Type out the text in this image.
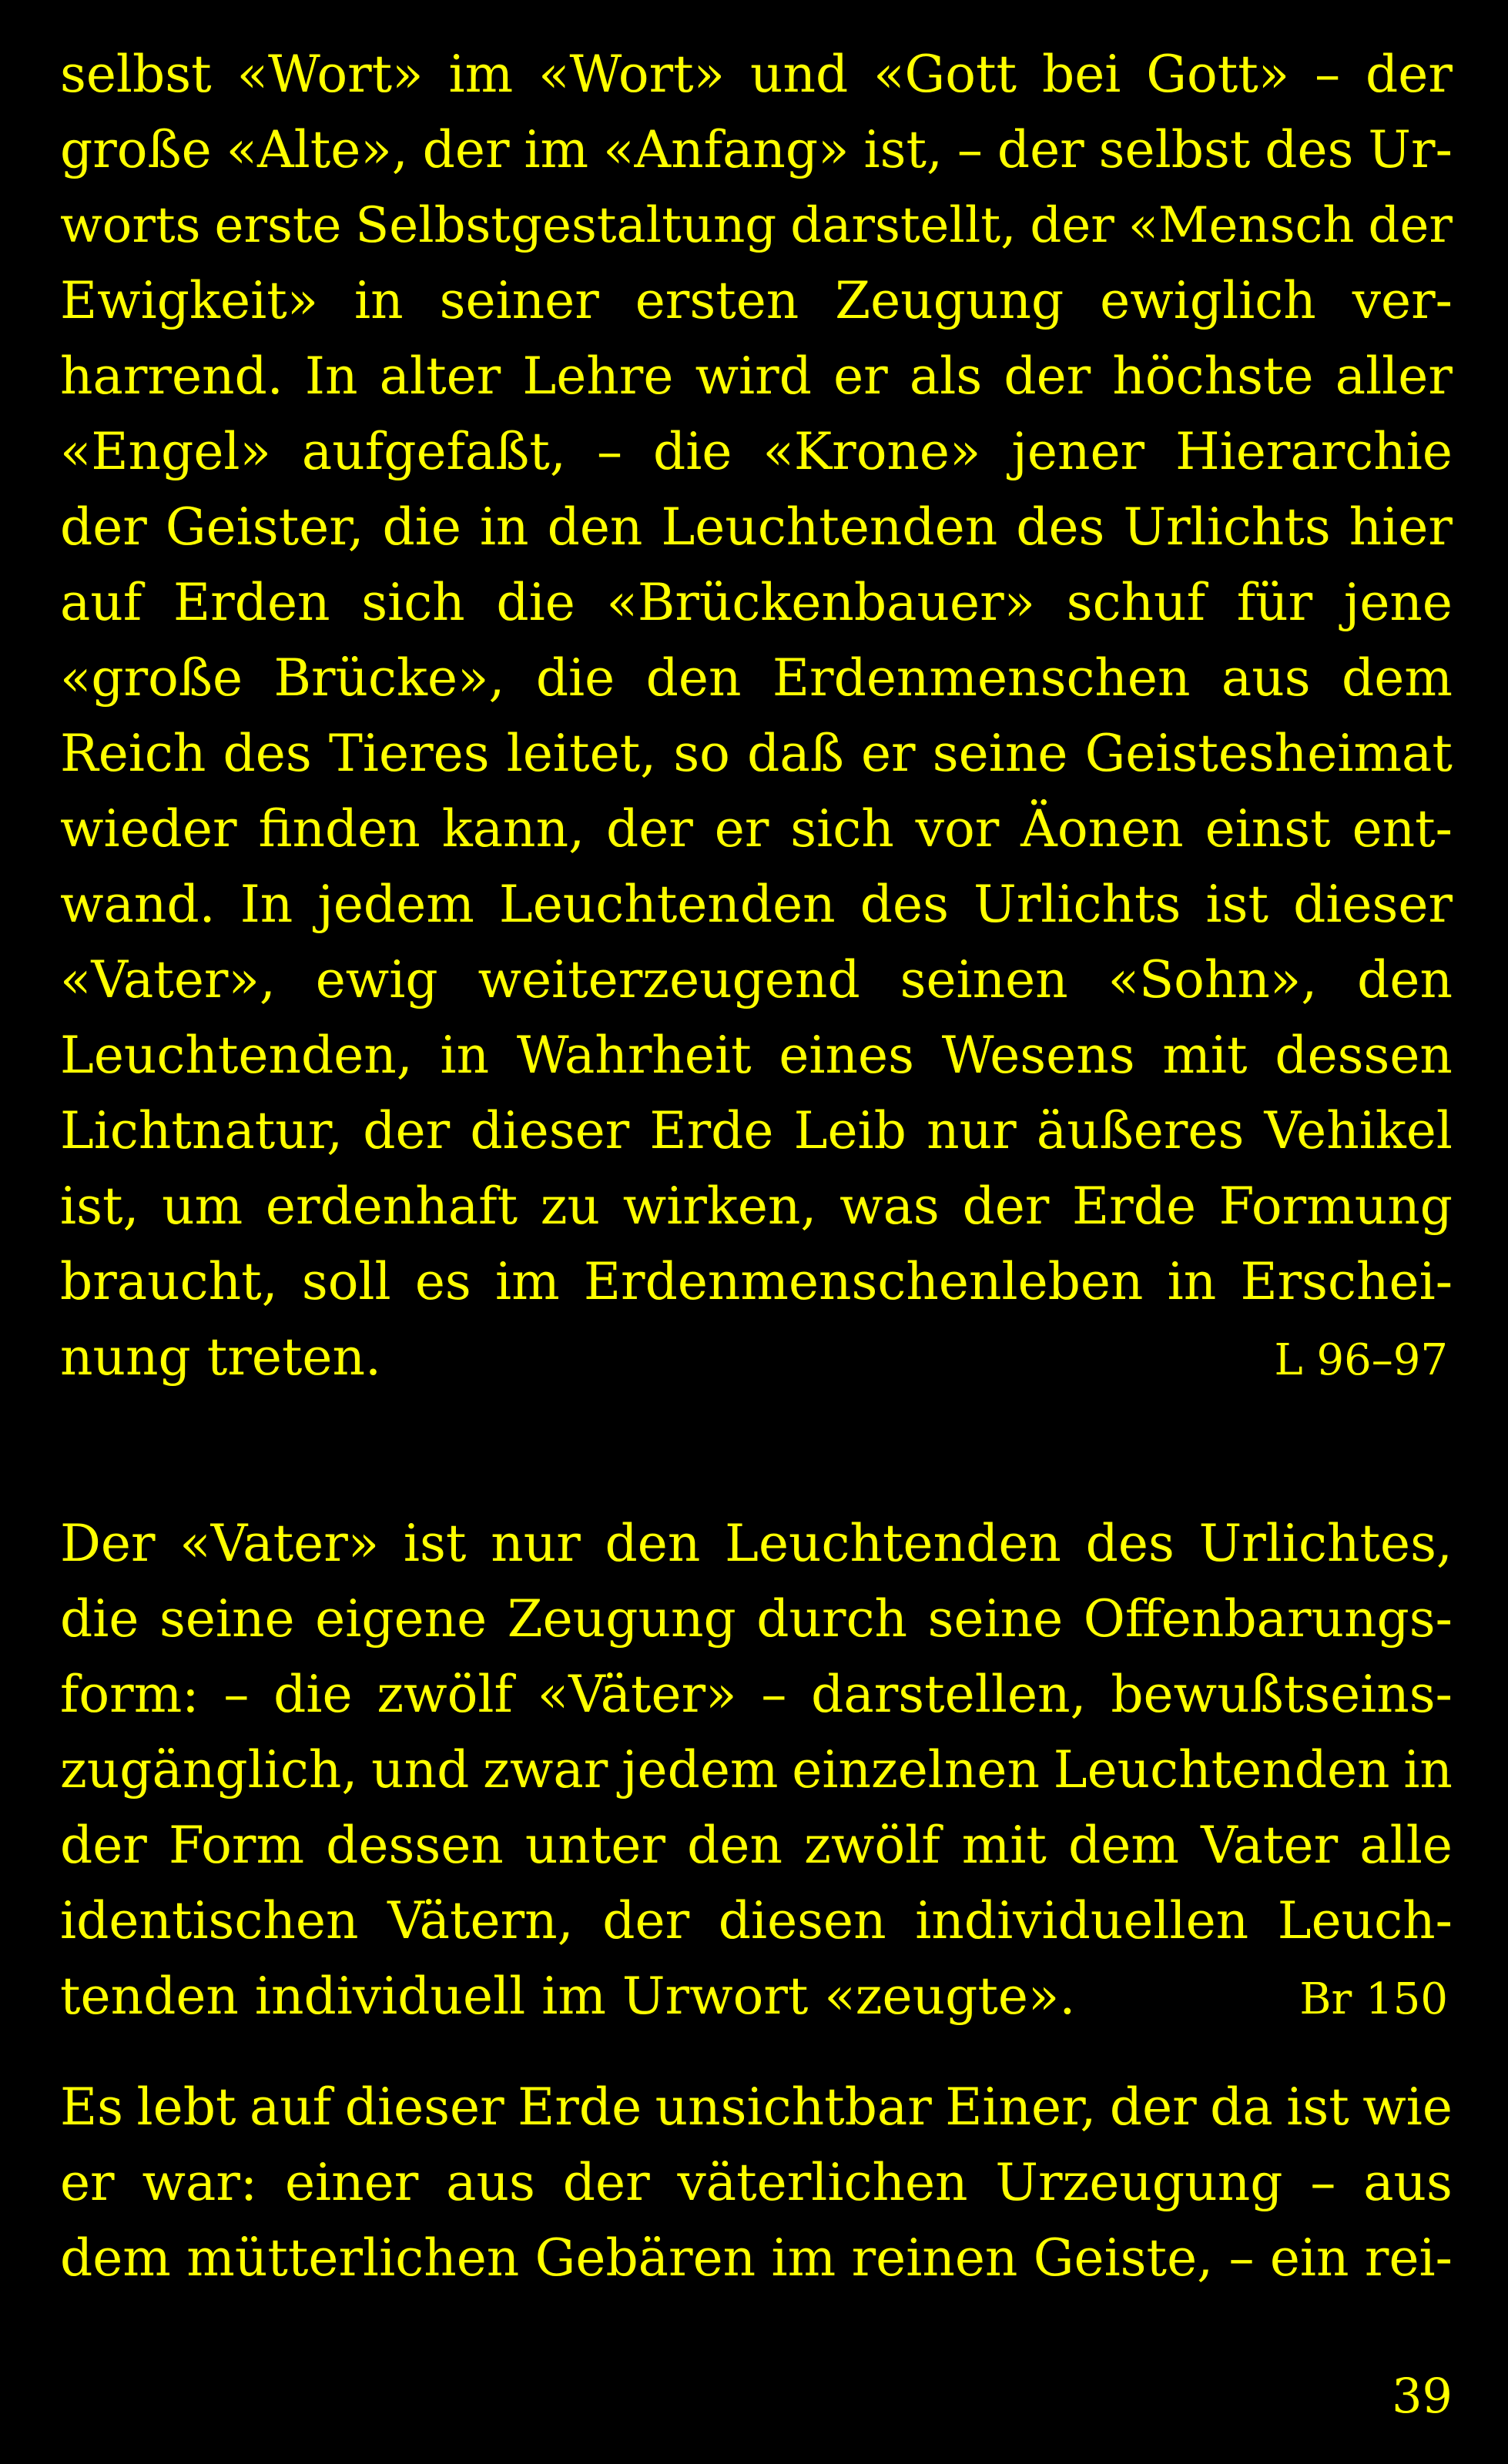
selbst «Wort» im «Wort» und «Gott bei Gott» – der
große «Alte», der im «Anfang» ist, – der selbst des Ur-
worts erste Selbstgestaltung darstellt, der «Mensch der
Ewigkeit» in seiner ersten Zeugung ewiglich ver-
harrend. In alter Lehre wird er als der höchste aller
«Engel» aufgefaßt, – die «Krone» jener Hierarchie
der Geister, die in den Leuchtenden des Urlichts hier
auf Erden sich die «Brückenbauer» schuf für jene
«große Brücke», die den Erdenmenschen aus dem
Reich des Tieres leitet, so daß er seine Geistesheimat
wieder finden kann, der er sich vor Äonen einst ent-
wand. In jedem Leuchtenden des Urlichts ist dieser
«Vater», ewig weiterzeugend seinen «Sohn», den
Leuchtenden, in Wahrheit eines Wesens mit dessen
Lichtnatur, der dieser Erde Leib nur äußeres Vehikel
ist, um erdenhaft zu wirken, was der Erde Formung
braucht, soll es im Erdenmenschenleben in Erschei-
nung treten.	L 96–97
Der «Vater» ist nur den Leuchtenden des Urlichtes,
die seine eigene Zeugung durch seine Offenbarungs-
form: – die zwölf «Väter» – darstellen, bewußtseins-
zugänglich, und zwar jedem einzelnen Leuchtenden in
der Form dessen unter den zwölf mit dem Vater alle
identischen Vätern, der diesen individuellen Leuch-
tenden individuell im Urwort «zeugte».	Br 150
Es lebt auf dieser Erde unsichtbar Einer, der da ist wie
er war: einer aus der väterlichen Urzeugung – aus
dem mütterlichen Gebären im reinen Geiste, – ein rei-
39
